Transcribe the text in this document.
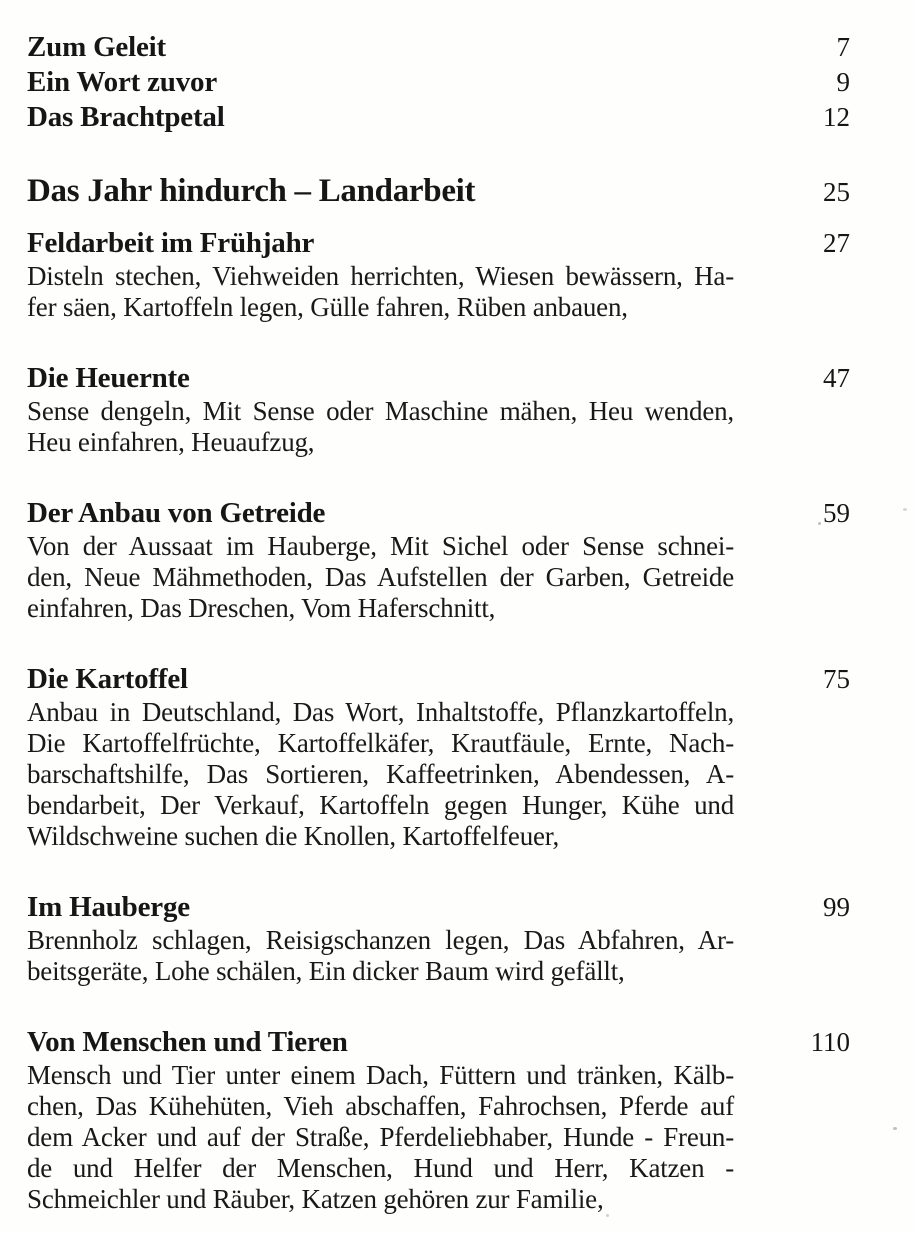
Zum Geleit	7
Ein Wort zuvor	9
Das Brachtpetal	12
Das Jahr hindurch – Landarbeit	25
Feldarbeit im Frühjahr	27
Disteln stechen, Viehweiden herrichten, Wiesen bewässern, Ha-
fer säen, Kartoffeln legen, Gülle fahren, Rüben anbauen,
Die Heuernte	47
Sense dengeln, Mit Sense oder Maschine mähen, Heu wenden,
Heu einfahren, Heuaufzug,
Der Anbau von Getreide	59
Von der Aussaat im Hauberge, Mit Sichel oder Sense schnei-
den, Neue Mähmethoden, Das Aufstellen der Garben, Getreide
einfahren, Das Dreschen, Vom Haferschnitt,
Die Kartoffel	75
Anbau in Deutschland, Das Wort, Inhaltstoffe, Pflanzkartoffeln,
Die Kartoffelfrüchte, Kartoffelkäfer, Krautfäule, Ernte, Nach-
barschaftshilfe, Das Sortieren, Kaffeetrinken, Abendessen, A-
bendarbeit, Der Verkauf, Kartoffeln gegen Hunger, Kühe und
Wildschweine suchen die Knollen, Kartoffelfeuer,
Im Hauberge	99
Brennholz schlagen, Reisigschanzen legen, Das Abfahren, Ar-
beitsgeräte, Lohe schälen, Ein dicker Baum wird gefällt,
Von Menschen und Tieren	110
Mensch und Tier unter einem Dach, Füttern und tränken, Kälb-
chen, Das Kühehüten, Vieh abschaffen, Fahrochsen, Pferde auf
dem Acker und auf der Straße, Pferdeliebhaber, Hunde - Freun-
de und Helfer der Menschen, Hund und Herr, Katzen -
Schmeichler und Räuber, Katzen gehören zur Familie,
